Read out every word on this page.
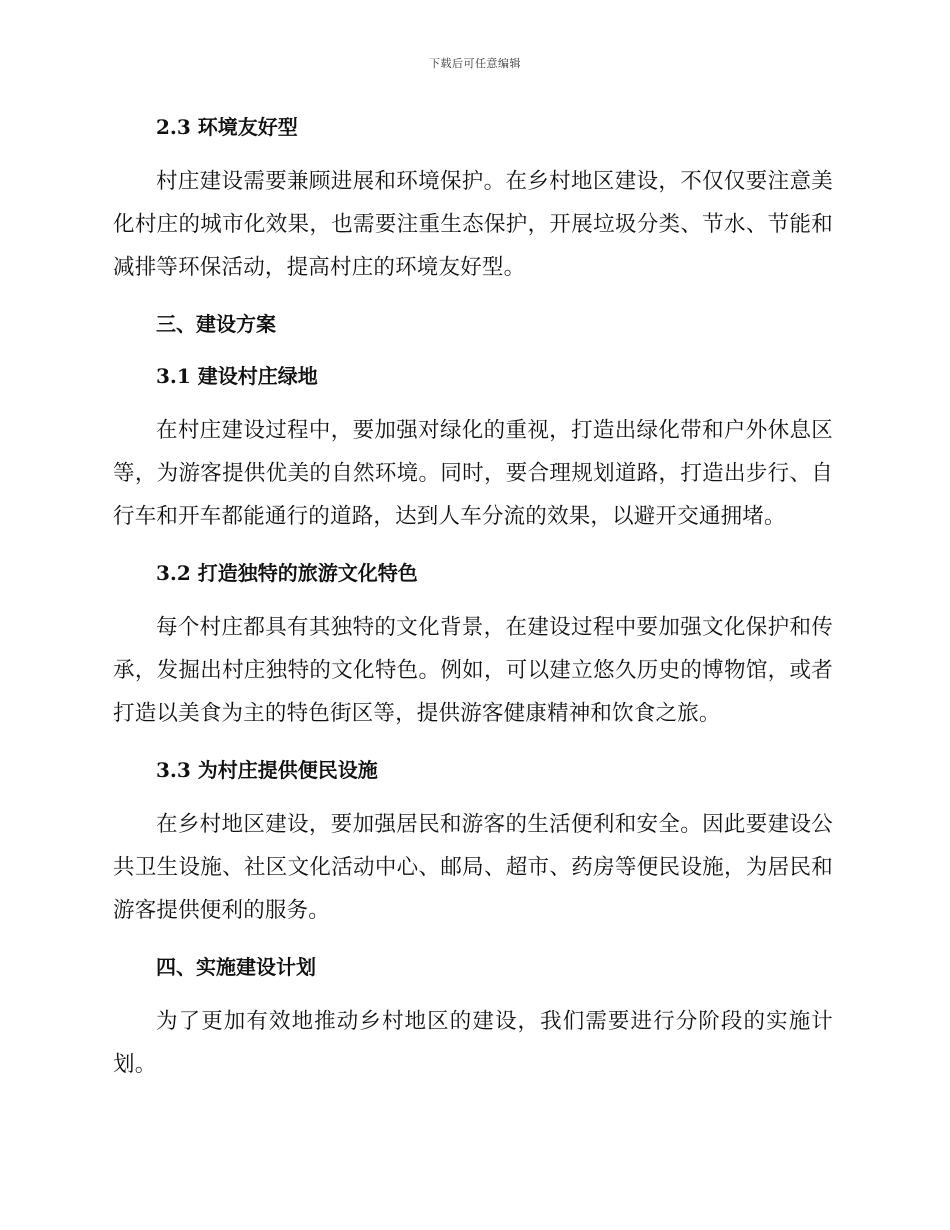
下载后可任意编辑
2.3 环境友好型

村庄建设需要兼顾进展和环境保护。在乡村地区建设，不仅仅要注意美化村庄的城市化效果，也需要注重生态保护，开展垃圾分类、节水、节能和减排等环保活动，提高村庄的环境友好型。

三、建设方案
3.1 建设村庄绿地

在村庄建设过程中，要加强对绿化的重视，打造出绿化带和户外休息区等，为游客提供优美的自然环境。同时，要合理规划道路，打造出步行、自行车和开车都能通行的道路，达到人车分流的效果，以避开交通拥堵。

3.2 打造独特的旅游文化特色

每个村庄都具有其独特的文化背景，在建设过程中要加强文化保护和传承，发掘出村庄独特的文化特色。例如，可以建立悠久历史的博物馆，或者打造以美食为主的特色街区等，提供游客健康精神和饮食之旅。

3.3 为村庄提供便民设施

在乡村地区建设，要加强居民和游客的生活便利和安全。因此要建设公共卫生设施、社区文化活动中心、邮局、超市、药房等便民设施，为居民和游客提供便利的服务。

四、实施建设计划

为了更加有效地推动乡村地区的建设，我们需要进行分阶段的实施计划。
